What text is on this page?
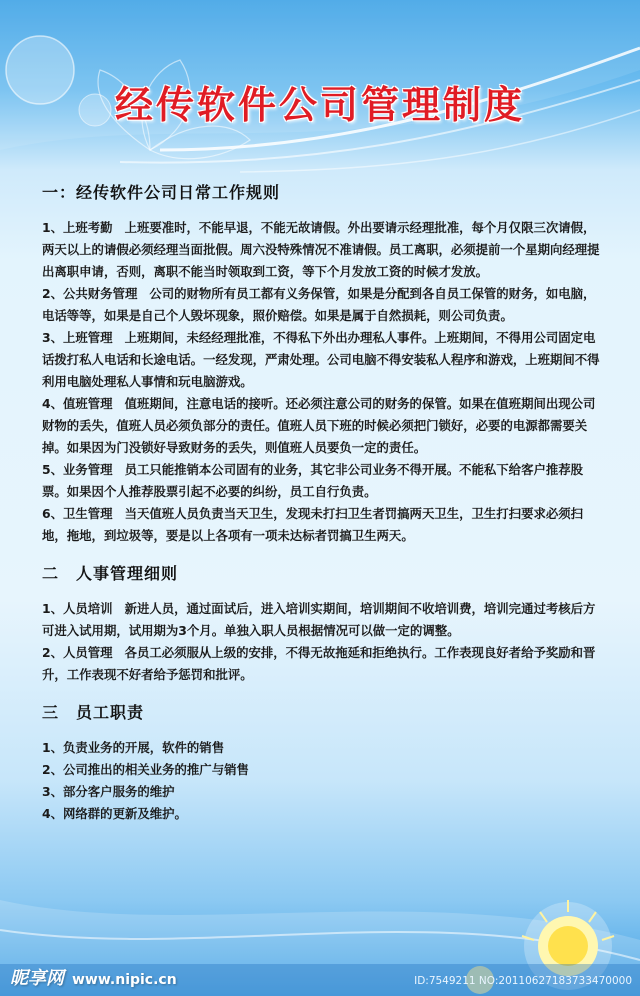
经传软件公司管理制度
一：经传软件公司日常工作规则

1、上班考勤 上班要准时，不能早退，不能无故请假。外出要请示经理批准，每个月仅限三次请假，两天以上的请假必须经理当面批假。周六没特殊情况不准请假。员工离职，必须提前一个星期向经理提出离职申请，否则，离职不能当时领取到工资，等下个月发放工资的时候才发放。

2、公共财务管理 公司的财物所有员工都有义务保管，如果是分配到各自员工保管的财务，如电脑，电话等等，如果是自己个人毁坏现象，照价赔偿。如果是属于自然损耗，则公司负责。

3、上班管理 上班期间，未经经理批准，不得私下外出办理私人事件。上班期间，不得用公司固定电话拨打私人电话和长途电话。一经发现，严肃处理。公司电脑不得安装私人程序和游戏，上班期间不得利用电脑处理私人事情和玩电脑游戏。

4、值班管理 值班期间，注意电话的接听。还必须注意公司的财务的保管。如果在值班期间出现公司财物的丢失，值班人员必须负部分的责任。值班人员下班的时候必须把门锁好，必要的电源都需要关掉。如果因为门没锁好导致财务的丢失，则值班人员要负一定的责任。

5、业务管理 员工只能推销本公司固有的业务，其它非公司业务不得开展。不能私下给客户推荐股票。如果因个人推荐股票引起不必要的纠纷，员工自行负责。

6、卫生管理 当天值班人员负责当天卫生，发现未打扫卫生者罚搞两天卫生，卫生打扫要求必须扫地，拖地，到垃圾等，要是以上各项有一项未达标者罚搞卫生两天。

二　人事管理细则

1、人员培训 新进人员，通过面试后，进入培训实期间，培训期间不收培训费，培训完通过考核后方可进入试用期，试用期为3个月。单独入职人员根据情况可以做一定的调整。

2、人员管理 各员工必须服从上级的安排，不得无故拖延和拒绝执行。工作表现良好者给予奖励和晋升，工作表现不好者给予惩罚和批评。

三　员工职责

1、负责业务的开展，软件的销售

2、公司推出的相关业务的推广与销售

3、部分客户服务的维护

4、网络群的更新及维护。

昵享网 www.nipic.cn	ID:7549211 NO:20110627183733470000
